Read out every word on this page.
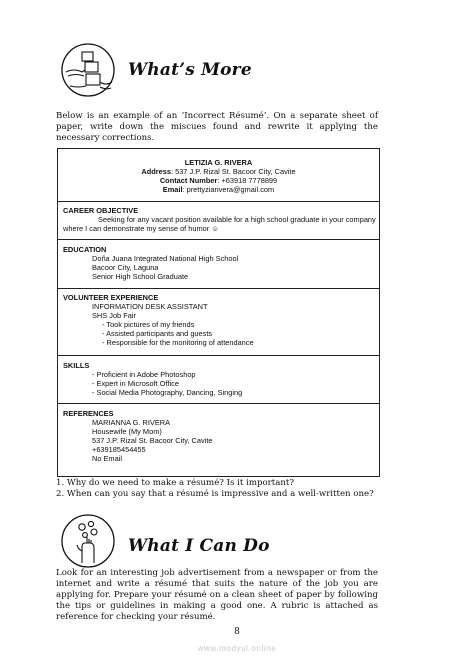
What’s More
Below is an example of an ‘Incorrect Résumé’. On a separate sheet of paper, write down the miscues found and rewrite it applying the necessary corrections.
LETIZIA G. RIVERA
Address: 537 J.P. Rizal St. Bacoor City, Cavite
Contact Number: +63918 7778899
Email: prettyziarivera@gmail.com
CAREER OBJECTIVE
Seeking for any vacant position available for a high school graduate in your company
where I can demonstrate my sense of humor ☺
EDUCATION
Doña Juana Integrated National High School
Bacoor City, Laguna
Senior High School Graduate
VOLUNTEER EXPERIENCE
INFORMATION DESK ASSISTANT
SHS Job Fair
- Took pictures of my friends
- Assisted participants and guests
- Responsible for the monitoring of attendance
SKILLS
- Proficient in Adobe Photoshop
- Expert in Microsoft Office
- Social Media Photography, Dancing, Singing
REFERENCES
MARIANNA G. RIVERA
Housewife (My Mom)
537 J.P. Rizal St. Bacoor City, Cavite
+639185454455
No Email
1. Why do we need to make a résumé? Is it important?
2. When can you say that a résumé is impressive and a well-written one?
What I Can Do
Look for an interesting job advertisement from a newspaper or from the internet and write a résumé that suits the nature of the job you are applying for. Prepare your résumé on a clean sheet of paper by following the tips or guidelines in making a good one. A rubric is attached as reference for checking your résumé.
8
www.modyul.online
